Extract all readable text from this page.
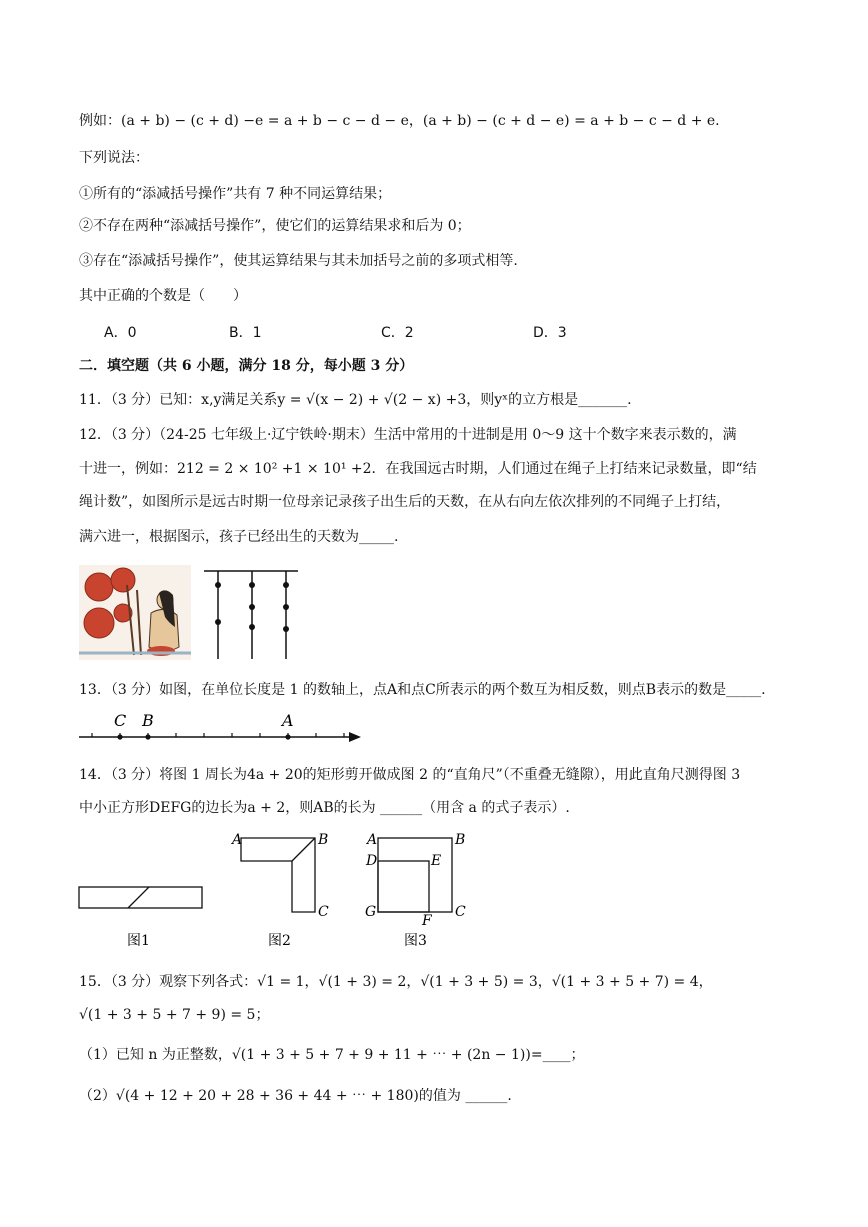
例如：(a + b) − (c + d) −e = a + b − c − d − e，(a + b) − (c + d − e) = a + b − c − d + e.
下列说法：
①所有的“添减括号操作”共有 7 种不同运算结果；
②不存在两种“添减括号操作”，使它们的运算结果求和后为 0；
③存在“添减括号操作”，使其运算结果与其未加括号之前的多项式相等.
其中正确的个数是（　　）
A．0	B．1	C．2	D．3
二．填空题（共 6 小题，满分 18 分，每小题 3 分）
11．（3 分）已知：x,y满足关系y = √(x − 2) + √(2 − x) +3，则yˣ的立方根是_______.
12．（3 分）（24-25 七年级上·辽宁铁岭·期末）生活中常用的十进制是用 0～9 这十个数字来表示数的，满
十进一，例如：212 = 2 × 10² +1 × 10¹ +2．在我国远古时期，人们通过在绳子上打结来记录数量，即“结
绳计数”，如图所示是远古时期一位母亲记录孩子出生后的天数，在从右向左依次排列的不同绳子上打结，
满六进一，根据图示，孩子已经出生的天数为_____.
13．（3 分）如图，在单位长度是 1 的数轴上，点A和点C所表示的两个数互为相反数，则点B表示的数是_____.
C B	A
14．（3 分）将图 1 周长为4a + 20的矩形剪开做成图 2 的“直角尺”（不重叠无缝隙），用此直角尺测得图 3
中小正方形DEFG的边长为a + 2，则AB的长为 ______（用含 a 的式子表示）.
图1
A	B
C
图2
A	B
D	E
G
F
C
图3
15．（3 分）观察下列各式：√1 = 1，√(1 + 3) = 2，√(1 + 3 + 5) = 3，√(1 + 3 + 5 + 7) = 4，
√(1 + 3 + 5 + 7 + 9) = 5；
（1）已知 n 为正整数，√(1 + 3 + 5 + 7 + 9 + 11 + ⋯ + (2n − 1))=____；
（2）√(4 + 12 + 20 + 28 + 36 + 44 + ⋯ + 180)的值为 ______.
